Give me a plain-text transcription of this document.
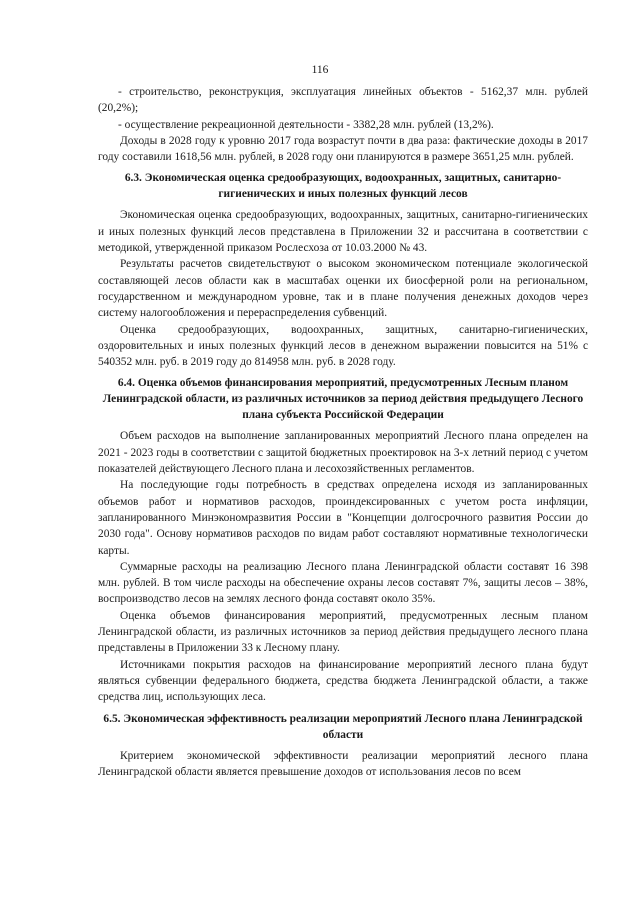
116

- строительство, реконструкция, эксплуатация линейных объектов - 5162,37 млн. рублей (20,2%);

- осуществление рекреационной деятельности - 3382,28 млн. рублей (13,2%).

Доходы в 2028 году к уровню 2017 года возрастут почти в два раза: фактические доходы в 2017 году составили 1618,56 млн. рублей, в 2028 году они планируются в размере 3651,25 млн. рублей.

6.3. Экономическая оценка средообразующих, водоохранных, защитных, санитарно-гигиенических и иных полезных функций лесов

Экономическая оценка средообразующих, водоохранных, защитных, санитарно-гигиенических и иных полезных функций лесов представлена в Приложении 32 и рассчитана в соответствии с методикой, утвержденной приказом Рослесхоза от 10.03.2000 № 43.

Результаты расчетов свидетельствуют о высоком экономическом потенциале экологической составляющей лесов области как в масштабах оценки их биосферной роли на региональном, государственном и международном уровне, так и в плане получения денежных доходов через систему налогообложения и перераспределения субвенций.

Оценка средообразующих, водоохранных, защитных, санитарно-гигиенических, оздоровительных и иных полезных функций лесов в денежном выражении повысится на 51% с 540352 млн. руб. в 2019 году до 814958 млн. руб. в 2028 году.

6.4. Оценка объемов финансирования мероприятий, предусмотренных Лесным планом Ленинградской области, из различных источников за период действия предыдущего Лесного плана субъекта Российской Федерации

Объем расходов на выполнение запланированных мероприятий Лесного плана определен на 2021 - 2023 годы в соответствии с защитой бюджетных проектировок на 3-х летний период с учетом показателей действующего Лесного плана и лесохозяйственных регламентов.

На последующие годы потребность в средствах определена исходя из запланированных объемов работ и нормативов расходов, проиндексированных с учетом роста инфляции, запланированного Минэкономразвития России в "Концепции долгосрочного развития России до 2030 года". Основу нормативов расходов по видам работ составляют нормативные технологически карты.

Суммарные расходы на реализацию Лесного плана Ленинградской области составят 16 398 млн. рублей. В том числе расходы на обеспечение охраны лесов составят 7%, защиты лесов – 38%, воспроизводство лесов на землях лесного фонда составят около 35%.

Оценка объемов финансирования мероприятий, предусмотренных лесным планом Ленинградской области, из различных источников за период действия предыдущего лесного плана представлены в Приложении 33 к Лесному плану.

Источниками покрытия расходов на финансирование мероприятий лесного плана будут являться субвенции федерального бюджета, средства бюджета Ленинградской области, а также средства лиц, использующих леса.

6.5. Экономическая эффективность реализации мероприятий Лесного плана Ленинградской области

Критерием экономической эффективности реализации мероприятий лесного плана Ленинградской области является превышение доходов от использования лесов по всем
